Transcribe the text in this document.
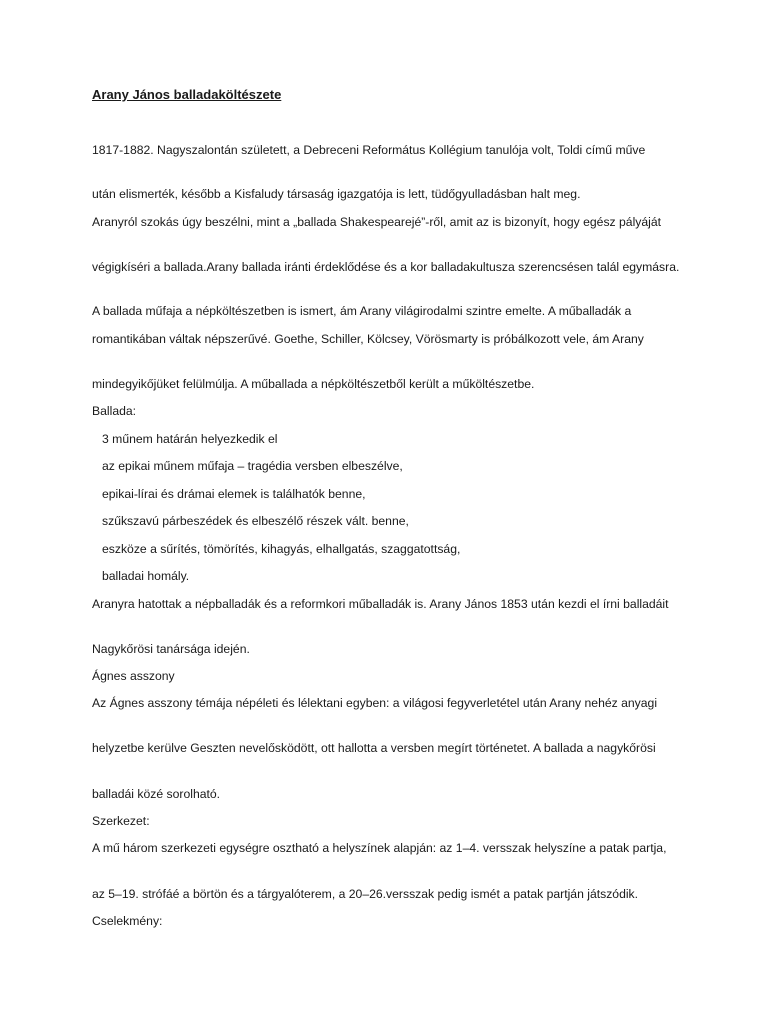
Arany János balladaköltészete

1817-1882. Nagyszalontán született, a Debreceni Református Kollégium tanulója volt, Toldi című műve

után elismerték, később a Kisfaludy társaság igazgatója is lett, tüdőgyulladásban halt meg.

Aranyról szokás úgy beszélni, mint a „ballada Shakespearejé”-ről, amit az is bizonyít, hogy egész pályáját

végigkíséri a ballada.Arany ballada iránti érdeklődése és a kor balladakultusza szerencsésen talál egymásra.

A ballada műfaja a népköltészetben is ismert, ám Arany világirodalmi szintre emelte. A műballadák a

romantikában váltak népszerűvé. Goethe, Schiller, Kölcsey, Vörösmarty is próbálkozott vele, ám Arany

mindegyikőjüket felülmúlja. A műballada a népköltészetből került a műköltészetbe.

Ballada:

3 műnem határán helyezkedik el

az epikai műnem műfaja – tragédia versben elbeszélve,

epikai-lírai és drámai elemek is találhatók benne,

szűkszavú párbeszédek és elbeszélő részek vált. benne,

eszköze a sűrítés, tömörítés, kihagyás, elhallgatás, szaggatottság,

balladai homály.

Aranyra hatottak a népballadák és a reformkori műballadák is. Arany János 1853 után kezdi el írni balladáit

Nagykőrösi tanársága idején.

Ágnes asszony

Az Ágnes asszony témája népéleti és lélektani egyben: a világosi fegyverletétel után Arany nehéz anyagi

helyzetbe kerülve Geszten nevelősködött, ott hallotta a versben megírt történetet. A ballada a nagykőrösi

balladái közé sorolható.

Szerkezet:

A mű három szerkezeti egységre osztható a helyszínek alapján: az 1–4. versszak helyszíne a patak partja,

az 5–19. strófáé a börtön és a tárgyalóterem, a 20–26.versszak pedig ismét a patak partján játszódik.

Cselekmény:
